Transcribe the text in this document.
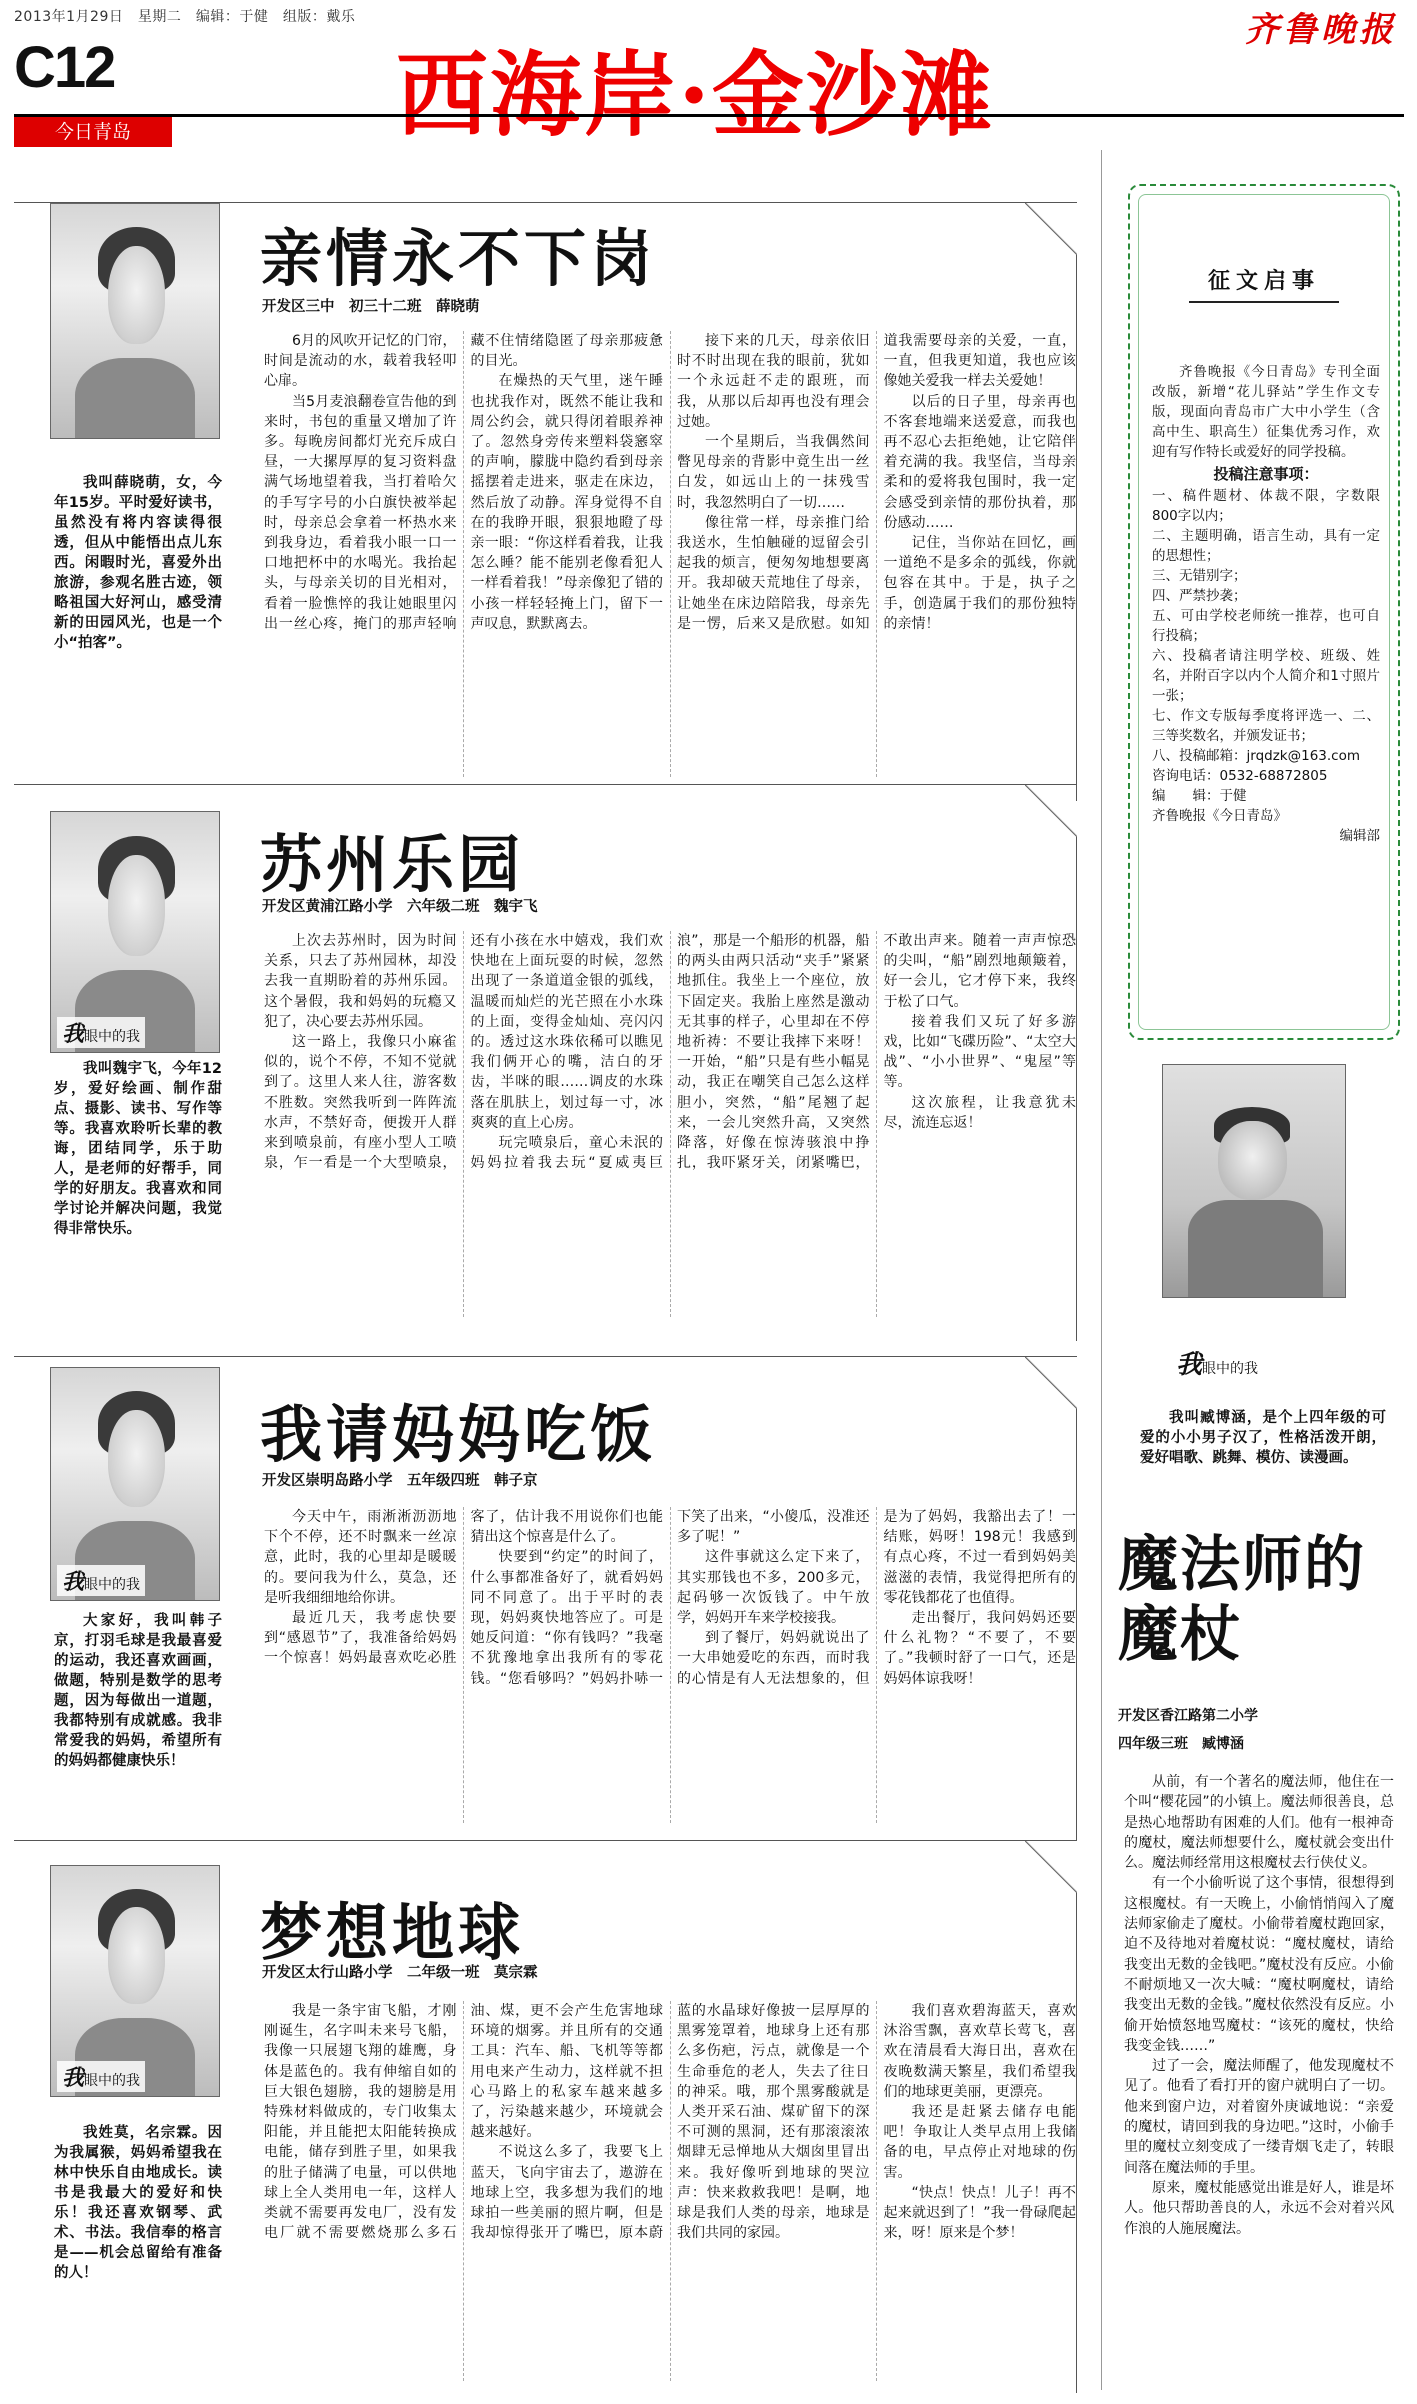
2013年1月29日　星期二　编辑：于健　组版：戴乐	齐鲁晚报
C12	西海岸·金沙滩
今日青岛
我叫薛晓萌，女，今年15岁。平时爱好读书，虽然没有将内容读得很透，但从中能悟出点儿东西。闲暇时光，喜爱外出旅游，参观名胜古迹，领略祖国大好河山，感受清新的田园风光，也是一个小“拍客”。
亲情永不下岗
开发区三中　初三十二班　薛晓萌

6月的风吹开记忆的门帘，时间是流动的水，载着我轻叩心扉。

当5月麦浪翻卷宣告他的到来时，书包的重量又增加了许多。每晚房间都灯光充斥成白昼，一大摞厚厚的复习资料盘满气场地望着我，当打着哈欠的手写字号的小白旗快被举起时，母亲总会拿着一杯热水来到我身边，看着我小眼一口一口地把杯中的水喝光。我抬起头，与母亲关切的目光相对，看着一脸憔悴的我让她眼里闪出一丝心疼，掩门的那声轻响藏不住情绪隐匿了母亲那疲惫的目光。

在燥热的天气里，迷午睡也扰我作对，既然不能让我和周公约会，就只得闭着眼养神了。忽然身旁传来塑料袋窸窣的声响，朦胧中隐约看到母亲摇摆着走进来，驱走在床边，然后放了动静。浑身觉得不自在的我睁开眼，狠狠地瞪了母亲一眼：“你这样看着我，让我怎么睡？能不能别老像看犯人一样看着我！”母亲像犯了错的小孩一样轻轻掩上门，留下一声叹息，默默离去。

接下来的几天，母亲依旧时不时出现在我的眼前，犹如一个永远赶不走的跟班，而我，从那以后却再也没有理会过她。

一个星期后，当我偶然间瞥见母亲的背影中竟生出一丝白发，如远山上的一抹残雪时，我忽然明白了一切……

像往常一样，母亲推门给我送水，生怕触碰的逗留会引起我的烦言，便匆匆地想要离开。我却破天荒地住了母亲，让她坐在床边陪陪我，母亲先是一愣，后来又是欣慰。如知道我需要母亲的关爱，一直，一直，但我更知道，我也应该像她关爱我一样去关爱她！

以后的日子里，母亲再也不客套地端来送爱意，而我也再不忍心去拒绝她，让它陪伴着充满的我。我坚信，当母亲柔和的爱将我包围时，我一定会感受到亲情的那份执着，那份感动……

记住，当你站在回忆，画一道绝不是多余的弧线，你就包容在其中。于是，执子之手，创造属于我们的那份独特的亲情！

我眼中的我
我叫魏宇飞，今年12岁，爱好绘画、制作甜点、摄影、读书、写作等等。我喜欢聆听长辈的教诲，团结同学，乐于助人，是老师的好帮手，同学的好朋友。我喜欢和同学讨论并解决问题，我觉得非常快乐。
苏州乐园
开发区黄浦江路小学　六年级二班　魏宇飞

上次去苏州时，因为时间关系，只去了苏州园林，却没去我一直期盼着的苏州乐园。这个暑假，我和妈妈的玩瘾又犯了，决心要去苏州乐园。

这一路上，我像只小麻雀似的，说个不停，不知不觉就到了。这里人来人往，游客数不胜数。突然我听到一阵阵流水声，不禁好奇，便拨开人群来到喷泉前，有座小型人工喷泉，乍一看是一个大型喷泉，还有小孩在水中嬉戏，我们欢快地在上面玩耍的时候，忽然出现了一条道道金银的弧线，温暖而灿烂的光芒照在小水珠的上面，变得金灿灿、亮闪闪的。透过这水珠依稀可以瞧见我们俩开心的嘴，洁白的牙齿，半咪的眼……调皮的水珠落在肌肤上，划过每一寸，冰爽爽的直上心房。

玩完喷泉后，童心未泯的妈妈拉着我去玩“夏威夷巨浪”，那是一个船形的机器，船的两头由两只活动“夹手”紧紧地抓住。我坐上一个座位，放下固定夹。我胎上座然是激动无其事的样子，心里却在不停地祈祷：不要让我摔下来呀！一开始，“船”只是有些小幅晃动，我正在嘲笑自己怎么这样胆小，突然，“船”尾翘了起来，一会儿突然升高，又突然降落，好像在惊涛骇浪中挣扎，我吓紧牙关，闭紧嘴巴，不敢出声来。随着一声声惊恐的尖叫，“船”剧烈地颠簸着，好一会儿，它才停下来，我终于松了口气。

接着我们又玩了好多游戏，比如“飞碟历险”、“太空大战”、“小小世界”、“鬼屋”等等。

这次旅程，让我意犹未尽，流连忘返！

我眼中的我
大家好，我叫韩子京，打羽毛球是我最喜爱的运动，我还喜欢画画，做题，特别是数学的思考题，因为每做出一道题，我都特别有成就感。我非常爱我的妈妈，希望所有的妈妈都健康快乐！
我请妈妈吃饭
开发区崇明岛路小学　五年级四班　韩子京

今天中午，雨淅淅沥沥地下个不停，还不时飘来一丝凉意，此时，我的心里却是暖暖的。要问我为什么，莫急，还是听我细细地给你讲。

最近几天，我考虑快要到“感恩节”了，我准备给妈妈一个惊喜！妈妈最喜欢吃必胜客了，估计我不用说你们也能猜出这个惊喜是什么了。

快要到“约定”的时间了，什么事都准备好了，就看妈妈同不同意了。出于平时的表现，妈妈爽快地答应了。可是她反问道：“你有钱吗？”我毫不犹豫地拿出我所有的零花钱。“您看够吗？”妈妈扑哧一下笑了出来，“小傻瓜，没准还多了呢！”

这件事就这么定下来了，其实那钱也不多，200多元，起码够一次饭钱了。中午放学，妈妈开车来学校接我。

到了餐厅，妈妈就说出了一大串她爱吃的东西，而时我的心情是有人无法想象的，但是为了妈妈，我豁出去了！一结账，妈呀！198元！我感到有点心疼，不过一看到妈妈美滋滋的表情，我觉得把所有的零花钱都花了也值得。

走出餐厅，我问妈妈还要什么礼物？“不要了，不要了。”我顿时舒了一口气，还是妈妈体谅我呀！

我眼中的我
我姓莫，名宗霖。因为我属猴，妈妈希望我在林中快乐自由地成长。读书是我最大的爱好和快乐！我还喜欢钢琴、武术、书法。我信奉的格言是——机会总留给有准备的人！
梦想地球
开发区太行山路小学　二年级一班　莫宗霖

我是一条宇宙飞船，才刚刚诞生，名字叫未来号飞船，我像一只展翅飞翔的雄鹰，身体是蓝色的。我有伸缩自如的巨大银色翅膀，我的翅膀是用特殊材料做成的，专门收集太阳能，并且能把太阳能转换成电能，储存到胜子里，如果我的肚子储满了电量，可以供地球上全人类用电一年，这样人类就不需要再发电厂，没有发电厂就不需要燃烧那么多石油、煤，更不会产生危害地球环境的烟雾。并且所有的交通工具：汽车、船、飞机等等都用电来产生动力，这样就不担心马路上的私家车越来越多了，污染越来越少，环境就会越来越好。

不说这么多了，我要飞上蓝天，飞向宇宙去了，遨游在地球上空，我多想为我们的地球拍一些美丽的照片啊，但是我却惊得张开了嘴巴，原本蔚蓝的水晶球好像披一层厚厚的黑雾笼罩着，地球身上还有那么多伤疤，污点，就像是一个生命垂危的老人，失去了往日的神采。哦，那个黑雾酸就是人类开采石油、煤矿留下的深不可测的黑洞，还有那滚滚浓烟肆无忌惮地从大烟囱里冒出来。我好像听到地球的哭泣声：快来救救我吧！是啊，地球是我们人类的母亲，地球是我们共同的家园。

我们喜欢碧海蓝天，喜欢沐浴雪飘，喜欢草长莺飞，喜欢在清晨看大海日出，喜欢在夜晚数满天繁星，我们希望我们的地球更美丽，更漂亮。

我还是赶紧去储存电能吧！争取让人类早点用上我储备的电，早点停止对地球的伤害。

“快点！快点！儿子！再不起来就迟到了！”我一骨碌爬起来，呀！原来是个梦！

征文启事

齐鲁晚报《今日青岛》专刊全面改版，新增“花儿驿站”学生作文专版，现面向青岛市广大中小学生（含高中生、职高生）征集优秀习作，欢迎有写作特长或爱好的同学投稿。

投稿注意事项：

一、稿件题材、体裁不限，字数限800字以内；

二、主题明确，语言生动，具有一定的思想性；

三、无错别字；

四、严禁抄袭；

五、可由学校老师统一推荐，也可自行投稿；

六、投稿者请注明学校、班级、姓名，并附百字以内个人简介和1寸照片一张；

七、作文专版每季度将评选一、二、三等奖数名，并颁发证书；

八、投稿邮箱：jrqdzk@163.com

咨询电话：0532-68872805

编　　辑：于健

齐鲁晚报《今日青岛》

编辑部

我眼中的我
我叫臧博涵，是个上四年级的可爱的小小男子汉了，性格活泼开朗，爱好唱歌、跳舞、模仿、读漫画。
魔法师的魔杖
开发区香江路第二小学
四年级三班　臧博涵

从前，有一个著名的魔法师，他住在一个叫“樱花园”的小镇上。魔法师很善良，总是热心地帮助有困难的人们。他有一根神奇的魔杖，魔法师想要什么，魔杖就会变出什么。魔法师经常用这根魔杖去行侠仗义。

有一个小偷听说了这个事情，很想得到这根魔杖。有一天晚上，小偷悄悄闯入了魔法师家偷走了魔杖。小偷带着魔杖跑回家，迫不及待地对着魔杖说：“魔杖魔杖，请给我变出无数的金钱吧。”魔杖没有反应。小偷不耐烦地又一次大喊：“魔杖啊魔杖，请给我变出无数的金钱。”魔杖依然没有反应。小偷开始愤怒地骂魔杖：“该死的魔杖，快给我变金钱……”

过了一会，魔法师醒了，他发现魔杖不见了。他看了看打开的窗户就明白了一切。他来到窗户边，对着窗外庚诚地说：“亲爱的魔杖，请回到我的身边吧。”这时，小偷手里的魔杖立刻变成了一缕青烟飞走了，转眼间落在魔法师的手里。

原来，魔杖能感觉出谁是好人，谁是坏人。他只帮助善良的人，永远不会对着兴风作浪的人施展魔法。
